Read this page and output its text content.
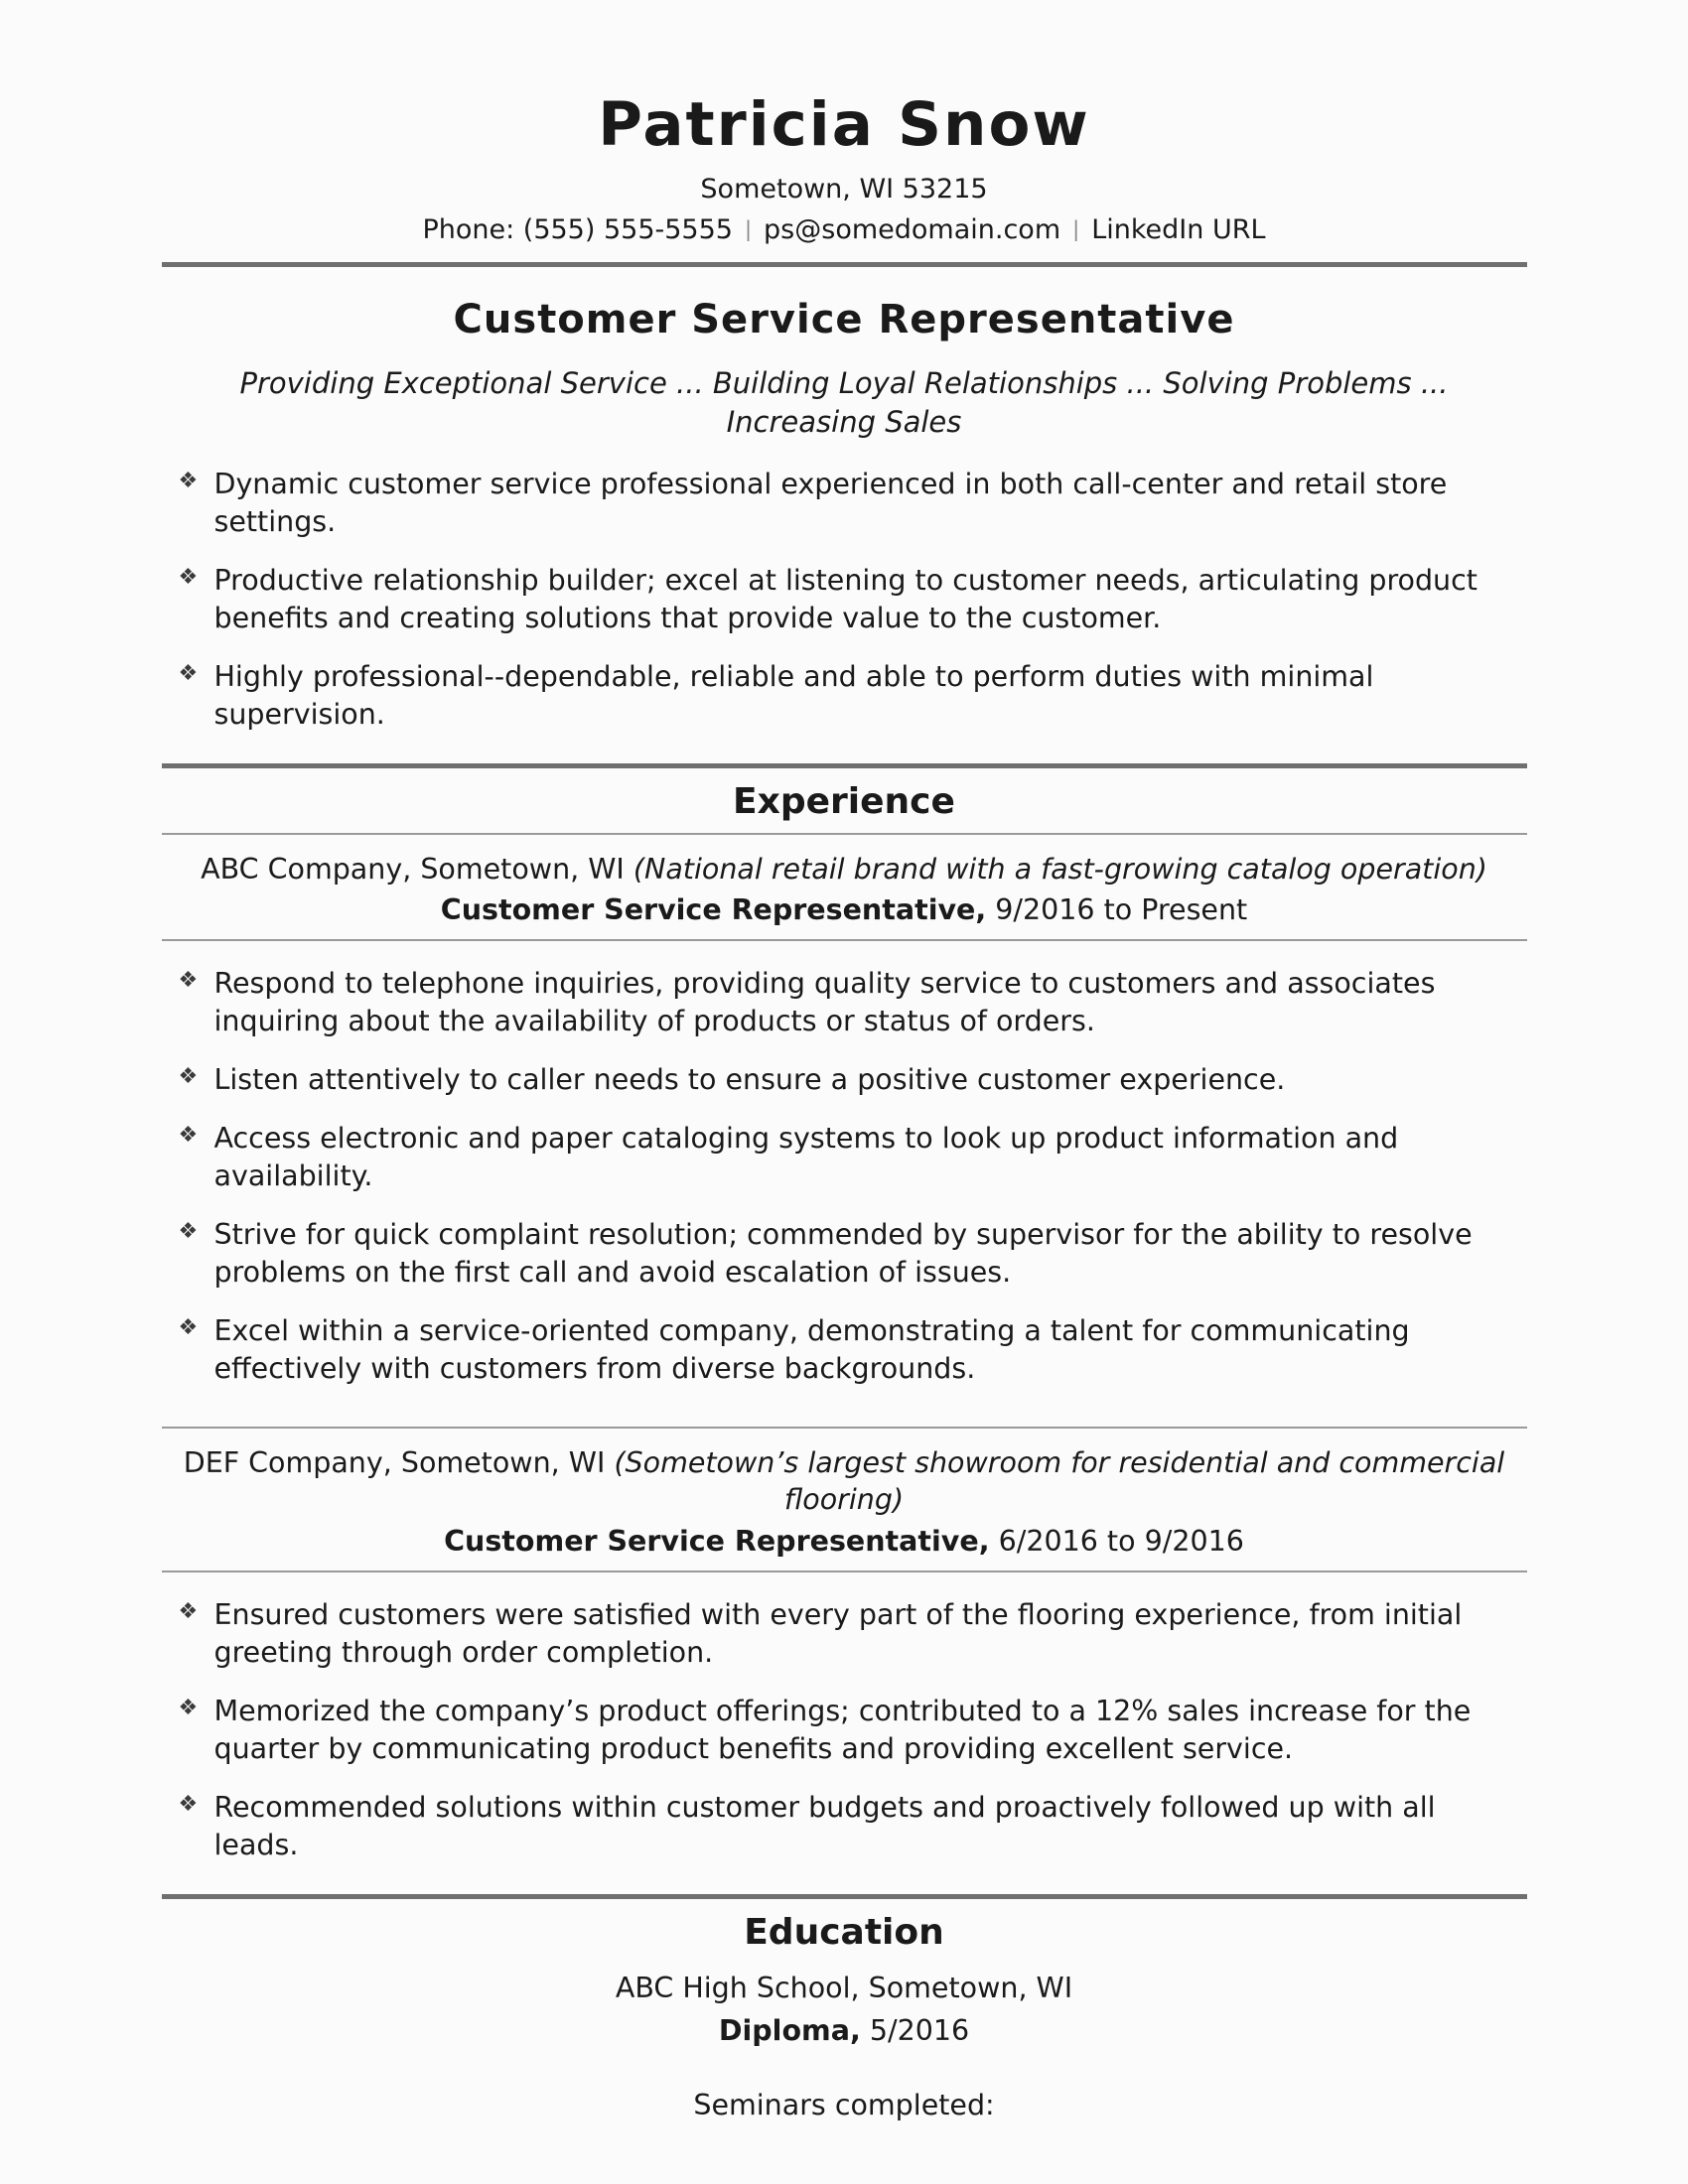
Patricia Snow
Sometown, WI 53215
Phone: (555) 555-5555 | ps@somedomain.com | LinkedIn URL
Customer Service Representative
Providing Exceptional Service ... Building Loyal Relationships ... Solving Problems ... Increasing Sales
❖ Dynamic customer service professional experienced in both call-center and retail store settings.
❖ Productive relationship builder; excel at listening to customer needs, articulating product benefits and creating solutions that provide value to the customer.
❖ Highly professional--dependable, reliable and able to perform duties with minimal supervision.
Experience
ABC Company, Sometown, WI (National retail brand with a fast-growing catalog operation)
Customer Service Representative, 9/2016 to Present
❖ Respond to telephone inquiries, providing quality service to customers and associates inquiring about the availability of products or status of orders.
❖ Listen attentively to caller needs to ensure a positive customer experience.
❖ Access electronic and paper cataloging systems to look up product information and availability.
❖ Strive for quick complaint resolution; commended by supervisor for the ability to resolve problems on the first call and avoid escalation of issues.
❖ Excel within a service-oriented company, demonstrating a talent for communicating effectively with customers from diverse backgrounds.
DEF Company, Sometown, WI (Sometown’s largest showroom for residential and commercial flooring)
Customer Service Representative, 6/2016 to 9/2016
❖ Ensured customers were satisfied with every part of the flooring experience, from initial greeting through order completion.
❖ Memorized the company’s product offerings; contributed to a 12% sales increase for the quarter by communicating product benefits and providing excellent service.
❖ Recommended solutions within customer budgets and proactively followed up with all leads.
Education
ABC High School, Sometown, WI
Diploma, 5/2016
Seminars completed:
